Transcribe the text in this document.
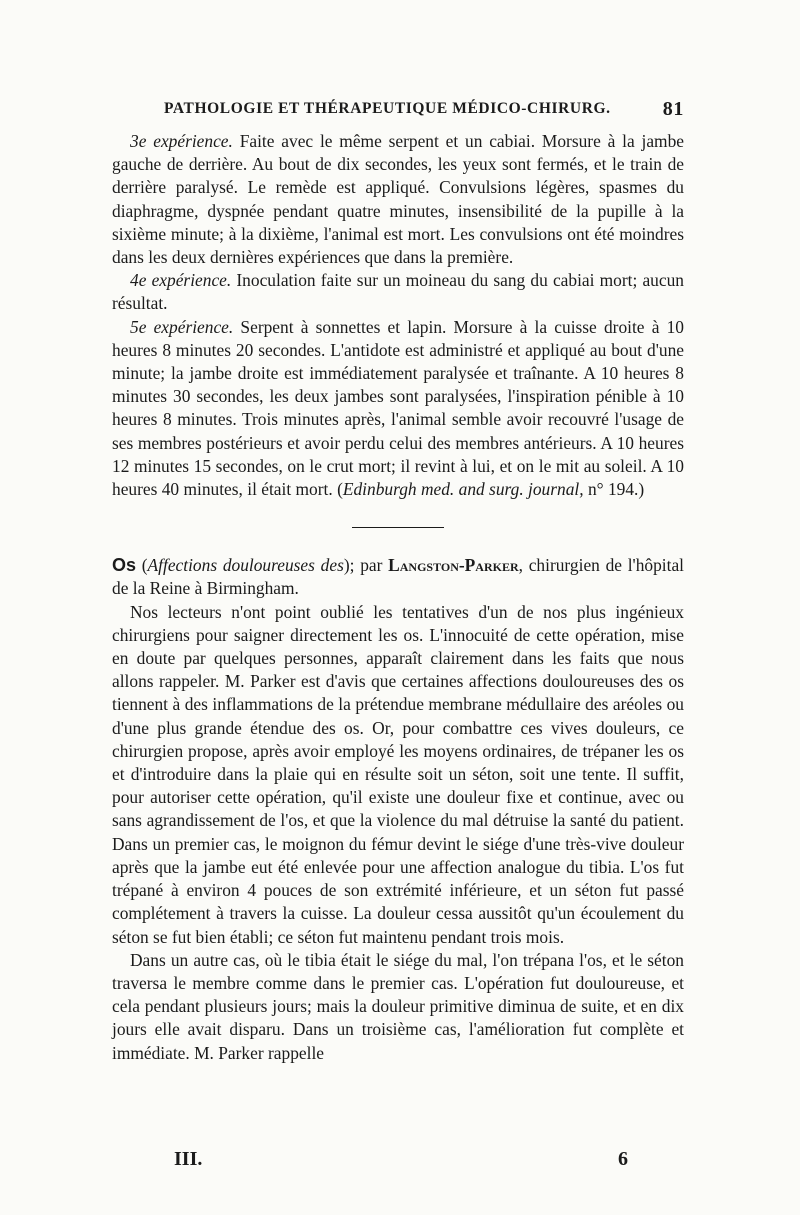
PATHOLOGIE ET THÉRAPEUTIQUE MÉDICO-CHIRURG.	81

3e expérience. Faite avec le même serpent et un cabiai. Morsure à la jambe gauche de derrière. Au bout de dix secondes, les yeux sont fermés, et le train de derrière paralysé. Le remède est appliqué. Convulsions légères, spasmes du diaphragme, dyspnée pendant quatre minutes, insensibilité de la pupille à la sixième minute; à la dixième, l'animal est mort. Les convulsions ont été moindres dans les deux dernières expériences que dans la première.

4e expérience. Inoculation faite sur un moineau du sang du cabiai mort; aucun résultat.

5e expérience. Serpent à sonnettes et lapin. Morsure à la cuisse droite à 10 heures 8 minutes 20 secondes. L'antidote est administré et appliqué au bout d'une minute; la jambe droite est immédiatement paralysée et traînante. A 10 heures 8 minutes 30 secondes, les deux jambes sont paralysées, l'inspiration pénible à 10 heures 8 minutes. Trois minutes après, l'animal semble avoir recouvré l'usage de ses membres postérieurs et avoir perdu celui des membres antérieurs. A 10 heures 12 minutes 15 secondes, on le crut mort; il revint à lui, et on le mit au soleil. A 10 heures 40 minutes, il était mort. (Edinburgh med. and surg. journal, n° 194.)

Os (Affections douloureuses des); par Langston-Parker, chirurgien de l'hôpital de la Reine à Birmingham.

Nos lecteurs n'ont point oublié les tentatives d'un de nos plus ingénieux chirurgiens pour saigner directement les os. L'innocuité de cette opération, mise en doute par quelques personnes, apparaît clairement dans les faits que nous allons rappeler. M. Parker est d'avis que certaines affections douloureuses des os tiennent à des inflammations de la prétendue membrane médullaire des aréoles ou d'une plus grande étendue des os. Or, pour combattre ces vives douleurs, ce chirurgien propose, après avoir employé les moyens ordinaires, de trépaner les os et d'introduire dans la plaie qui en résulte soit un séton, soit une tente. Il suffit, pour autoriser cette opération, qu'il existe une douleur fixe et continue, avec ou sans agrandissement de l'os, et que la violence du mal détruise la santé du patient. Dans un premier cas, le moignon du fémur devint le siége d'une très-vive douleur après que la jambe eut été enlevée pour une affection analogue du tibia. L'os fut trépané à environ 4 pouces de son extrémité inférieure, et un séton fut passé complétement à travers la cuisse. La douleur cessa aussitôt qu'un écoulement du séton se fut bien établi; ce séton fut maintenu pendant trois mois.

Dans un autre cas, où le tibia était le siége du mal, l'on trépana l'os, et le séton traversa le membre comme dans le premier cas. L'opération fut douloureuse, et cela pendant plusieurs jours; mais la douleur primitive diminua de suite, et en dix jours elle avait disparu. Dans un troisième cas, l'amélioration fut complète et immédiate. M. Parker rappelle

III.	6
